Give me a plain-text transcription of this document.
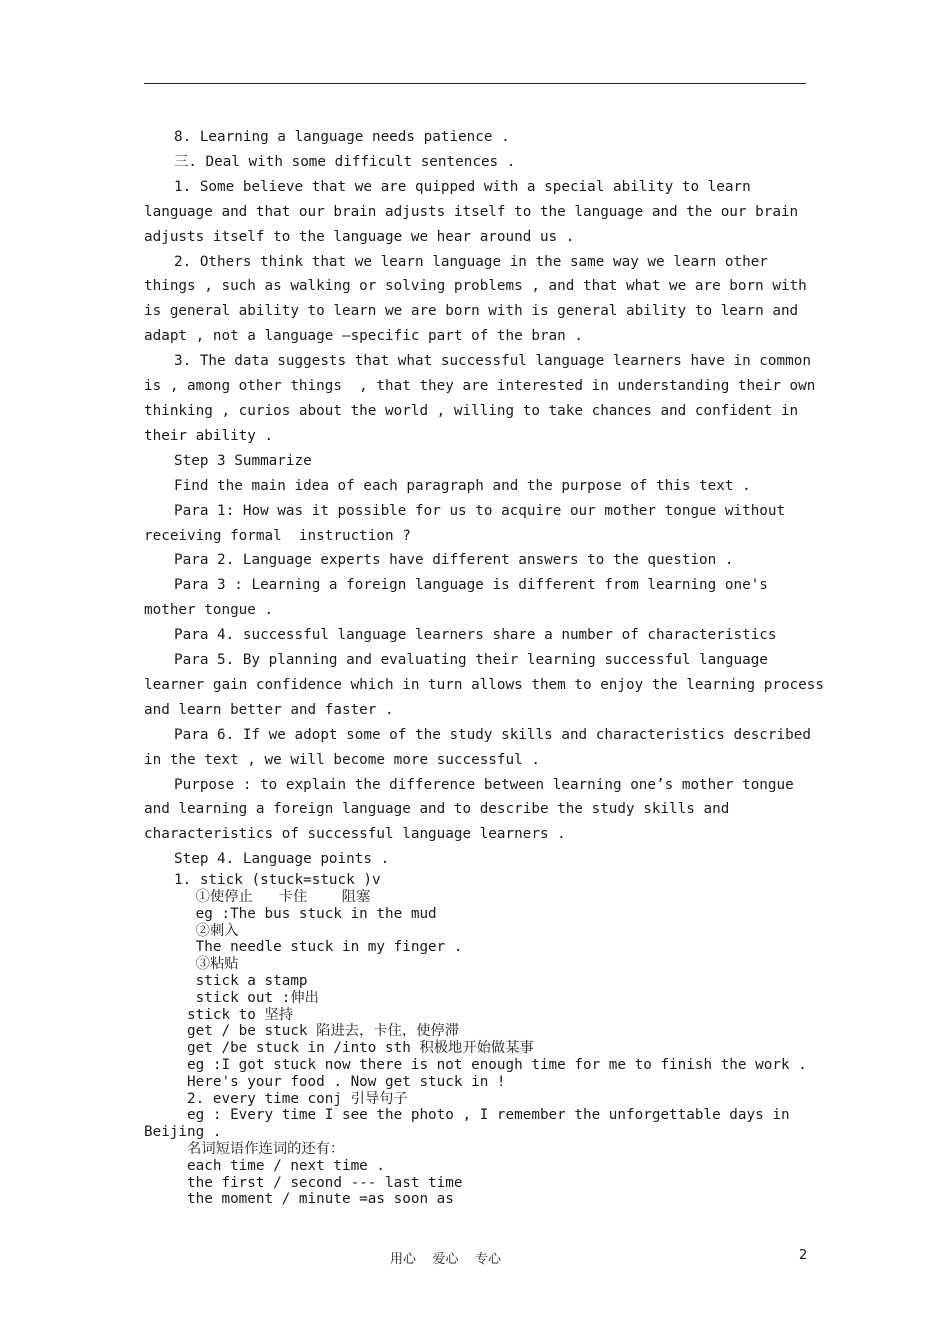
8. Learning a language needs patience .
三. Deal with some difficult sentences .
1. Some believe that we are quipped with a special ability to learn
language and that our brain adjusts itself to the language and the our brain
adjusts itself to the language we hear around us .
2. Others think that we learn language in the same way we learn other
things , such as walking or solving problems , and that what we are born with
is general ability to learn we are born with is general ability to learn and
adapt , not a language –specific part of the bran .
3. The data suggests that what successful language learners have in common
is , among other things  , that they are interested in understanding their own
thinking , curios about the world , willing to take chances and confident in
their ability .
Step 3 Summarize
Find the main idea of each paragraph and the purpose of this text .
Para 1: How was it possible for us to acquire our mother tongue without
receiving formal  instruction ?
Para 2. Language experts have different answers to the question .
Para 3 : Learning a foreign language is different from learning one's
mother tongue .
Para 4. successful language learners share a number of characteristics
Para 5. By planning and evaluating their learning successful language
learner gain confidence which in turn allows them to enjoy the learning process
and learn better and faster .
Para 6. If we adopt some of the study skills and characteristics described
in the text , we will become more successful .
Purpose : to explain the difference between learning one’s mother tongue
and learning a foreign language and to describe the study skills and
characteristics of successful language learners .
Step 4. Language points .
1. stick (stuck=stuck )v
①使停止   卡住    阻塞
eg :The bus stuck in the mud
②刺入
The needle stuck in my finger .
③粘贴
stick a stamp
stick out :伸出
stick to 坚持
get / be stuck 陷进去，卡住，使停滞
get /be stuck in /into sth 积极地开始做某事
eg :I got stuck now there is not enough time for me to finish the work .
Here's your food . Now get stuck in !
2. every time conj 引导句子
eg : Every time I see the photo , I remember the unforgettable days in
Beijing .
名词短语作连词的还有：
each time / next time .
the first / second --- last time
the moment / minute =as soon as
用心    爱心    专心	2
